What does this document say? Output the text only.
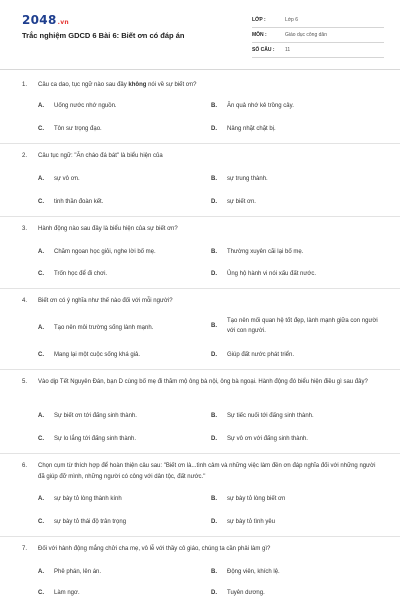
2048.vn
Trắc nghiệm GDCD 6 Bài 6: Biết ơn có đáp án
LỚP :	Lớp 6
MÔN :	Giáo dục công dân
SỐ CÂU :	11
1.	Câu ca dao, tục ngữ nào sau đây không nói về sự biết ơn?
A.	Uống nước nhớ nguồn.	B.	Ăn quả nhớ kẻ trồng cây.
C.	Tôn sư trọng đạo.	D.	Nâng nhặt chặt bị.
2.	Câu tục ngữ: "Ăn cháo đá bát" là biểu hiện của
A.	sự vô ơn.	B.	sự trung thành.
C.	tinh thần đoàn kết.	D.	sự biết ơn.
3.	Hành động nào sau đây là biểu hiện của sự biết ơn?
A.	Chăm ngoan học giỏi, nghe lời bố mẹ.	B.	Thường xuyên cãi lại bố mẹ.
C.	Trốn học để đi chơi.	D.	Ủng hộ hành vi nói xấu đất nước.
4.	Biết ơn có ý nghĩa như thế nào đối với mỗi người?
A.	Tạo nên môi trường sống lành mạnh.	B.
Tạo nên mối quan hệ tốt đẹp, lành mạnh giữa con người với con người.
C.	Mang lại một cuộc sống khá giả.	D.	Giúp đất nước phát triển.
5.	Vào dịp Tết Nguyên Đán, bạn D cùng bố mẹ đi thăm mộ ông bà nội, ông bà ngoại. Hành động đó biểu hiện điều gì sau đây?
A.	Sự biết ơn tới đấng sinh thành.	B.	Sự tiếc nuối tới đấng sinh thành.
C.	Sự lo lắng tới đấng sinh thành.	D.	Sự vô ơn với đấng sinh thành.
6.	Chọn cụm từ thích hợp để hoàn thiện câu sau: "Biết ơn là...tình cảm và những việc làm đền ơn đáp nghĩa đối với những người đã giúp đỡ mình, những người có công với dân tộc, đất nước."
A.	sự bày tỏ lòng thành kính	B.	sự bày tỏ lòng biết ơn
C.	sự bày tỏ thái độ trân trọng	D.	sự bày tỏ tình yêu
7.	Đối với hành động mắng chửi cha mẹ, vô lễ với thầy cô giáo, chúng ta cần phải làm gì?
A.	Phê phán, lên án.	B.	Động viên, khích lệ.
C.	Làm ngơ.	D.	Tuyên dương.
